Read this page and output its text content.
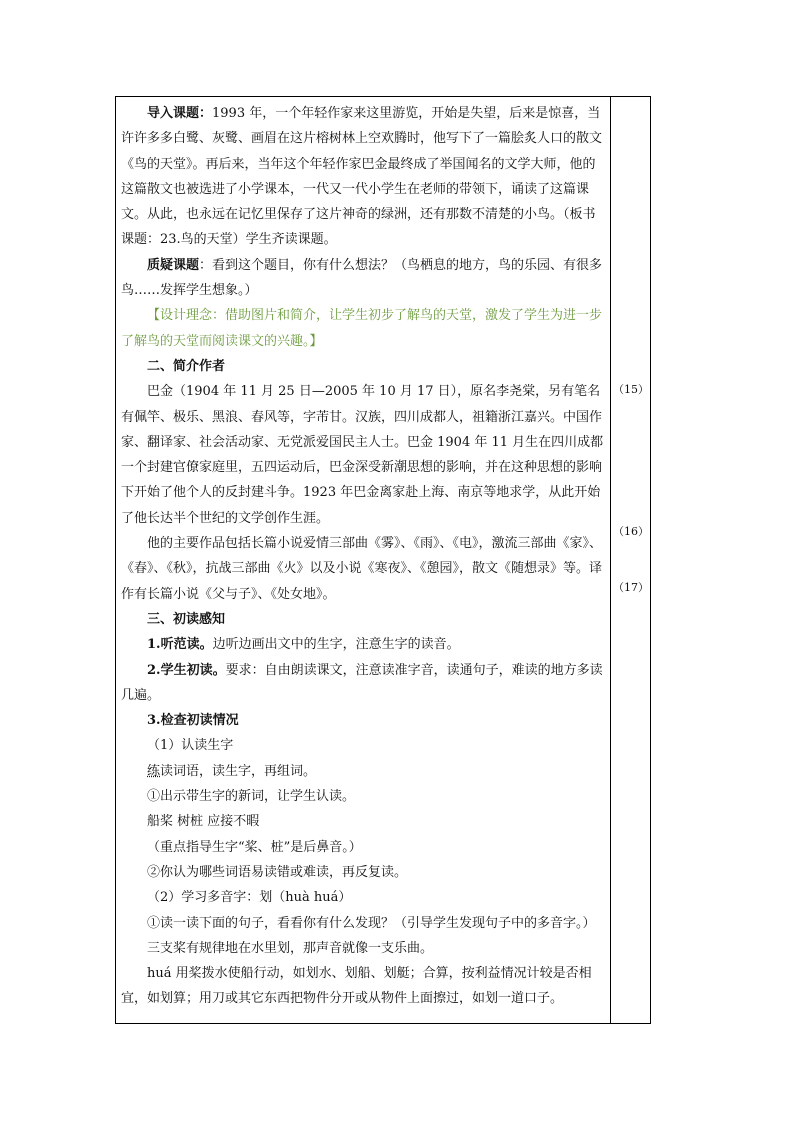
导入课题：1993 年，一个年轻作家来这里游览，开始是失望，后来是惊喜，当许许多多白鹭、灰鹭、画眉在这片榕树林上空欢腾时，他写下了一篇脍炙人口的散文《鸟的天堂》。再后来，当年这个年轻作家巴金最终成了举国闻名的文学大师，他的这篇散文也被选进了小学课本，一代又一代小学生在老师的带领下，诵读了这篇课文。从此，也永远在记忆里保存了这片神奇的绿洲，还有那数不清楚的小鸟。（板书课题：23.鸟的天堂）学生齐读课题。

质疑课题：看到这个题目，你有什么想法？（鸟栖息的地方，鸟的乐园、有很多鸟……发挥学生想象。）

【设计理念：借助图片和简介，让学生初步了解鸟的天堂，激发了学生为进一步了解鸟的天堂而阅读课文的兴趣。】

二、简介作者

巴金（1904 年 11 月 25 日—2005 年 10 月 17 日），原名李尧棠，另有笔名有佩竿、极乐、黑浪、春风等，字芾甘。汉族，四川成都人，祖籍浙江嘉兴。中国作家、翻译家、社会活动家、无党派爱国民主人士。巴金 1904 年 11 月生在四川成都一个封建官僚家庭里，五四运动后，巴金深受新潮思想的影响，并在这种思想的影响下开始了他个人的反封建斗争。1923 年巴金离家赴上海、南京等地求学，从此开始了他长达半个世纪的文学创作生涯。

他的主要作品包括长篇小说爱情三部曲《雾》、《雨》、《电》，激流三部曲《家》、《春》、《秋》，抗战三部曲《火》以及小说《寒夜》、《憩园》，散文《随想录》等。译作有长篇小说《父与子》、《处女地》。

三、初读感知

1.听范读。边听边画出文中的生字，注意生字的读音。

2.学生初读。要求：自由朗读课文，注意读准字音，读通句子，难读的地方多读几遍。

3.检查初读情况

（1）认读生字

练读词语，读生字，再组词。

①出示带生字的新词，让学生认读。

船桨 树桩 应接不暇

（重点指导生字“桨、桩”是后鼻音。）

②你认为哪些词语易读错或难读，再反复读。

（2）学习多音字：划（huà huá）

①读一读下面的句子，看看你有什么发现？（引导学生发现句子中的多音字。）

三支桨有规律地在水里划，那声音就像一支乐曲。

huá 用桨拨水使船行动，如划水、划船、划艇；合算，按利益情况计较是否相宜，如划算；用刀或其它东西把物件分开或从物件上面擦过，如划一道口子。

（15）
（16）
（17）
